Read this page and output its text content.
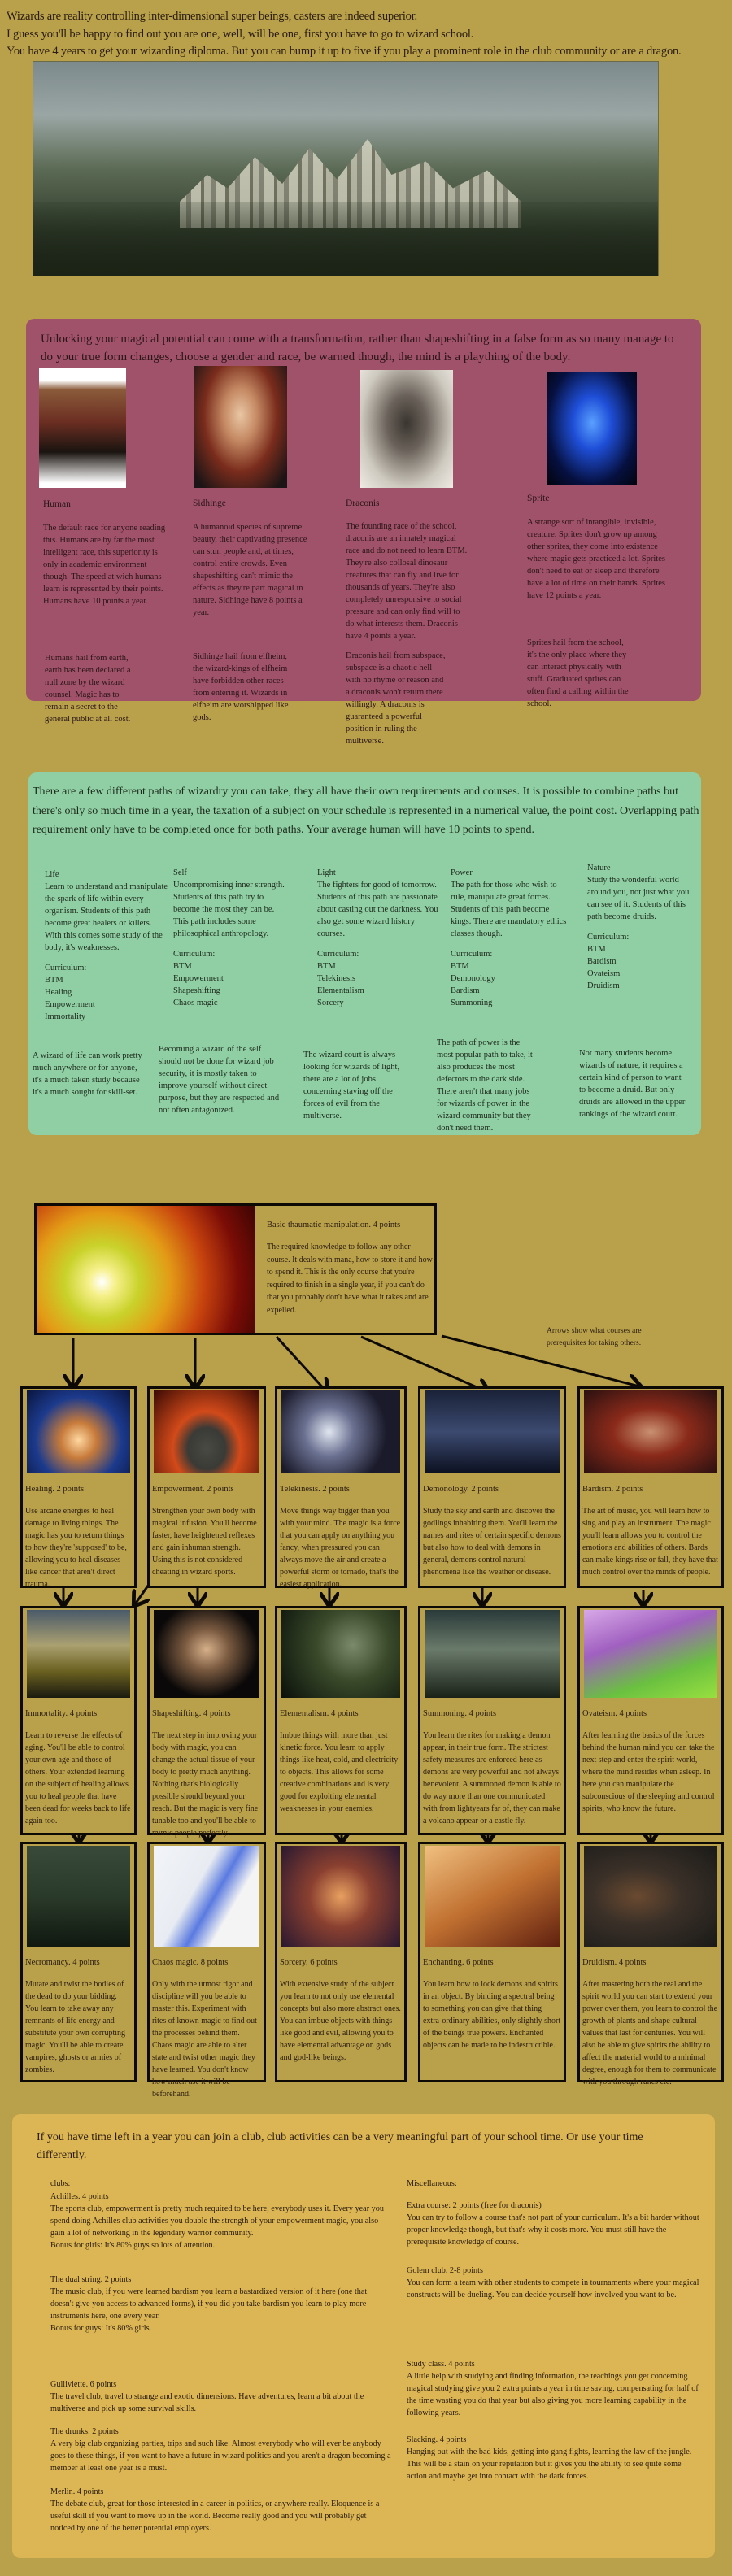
Wizards are reality controlling inter-dimensional super beings, casters are indeed superior.

I guess you'll be happy to find out you are one, well, will be one, first you have to go to wizard school.

You have 4 years to get your wizarding diploma. But you can bump it up to five if you play a prominent role in the club community or are a dragon.

Unlocking your magical potential can come with a transformation, rather than shapeshifting in a false form as so many manage to do your true form changes, choose a gender and race, be warned though, the mind is a plaything of the body.

Human	Sidhinge	Draconis	Sprite

The default race for anyone reading this. Humans are by far the most intelligent race, this superiority is only in academic environment though. The speed at wich humans learn is represented by their points. Humans have 10 points a year.

A humanoid species of supreme beauty, their captivating presence can stun people and, at times, control entire crowds. Even shapeshifting can't mimic the effects as they're part magical in nature. Sidhinge have 8 points a year.

The founding race of the school, draconis are an innately magical race and do not need to learn BTM. They're also collosal dinosaur creatures that can fly and live for thousands of years. They're also completely unresponsive to social pressure and can only find will to do what interests them. Draconis have 4 points a year.

A strange sort of intangible, invisible, creature. Sprites don't grow up among other sprites, they come into existence where magic gets practiced a lot. Sprites don't need to eat or sleep and therefore have a lot of time on their hands. Sprites have 12 points a year.

Humans hail from earth, earth has been declared a null zone by the wizard counsel. Magic has to remain a secret to the general public at all cost.

Sidhinge hail from elfheim, the wizard-kings of elfheim have forbidden other races from entering it. Wizards in elfheim are worshipped like gods.

Draconis hail from subspace, subspace is a chaotic hell with no rhyme or reason and a draconis won't return there willingly. A draconis is guaranteed a powerful position in ruling the multiverse.

Sprites hail from the school, it's the only place where they can interact physically with stuff. Graduated sprites can often find a calling within the school.

There are a few different paths of wizardry you can take, they all have their own requirements and courses. It is possible to combine paths but there's only so much time in a year, the taxation of a subject on your schedule is represented in a numerical value, the point cost. Overlapping path requirement only have to be completed once for both paths. Your average human will have 10 points to spend.

Life
Learn to understand and manipulate the spark of life within every organism. Students of this path become great healers or killers. With this comes some study of the body, it's weaknesses.
Curriculum:
BTM
Healing
Empowerment
Immortality

A wizard of life can work pretty much anywhere or for anyone, it's a much taken study because it's a much sought for skill-set.

Self
Uncompromising inner strength. Students of this path try to become the most they can be. This path includes some philosophical anthropology.
Curriculum:
BTM
Empowerment
Shapeshifting
Chaos magic

Becoming a wizard of the self should not be done for wizard job security, it is mostly taken to improve yourself without direct purpose, but they are respected and not often antagonized.

Light
The fighters for good of tomorrow. Students of this path are passionate about casting out the darkness. You also get some wizard history courses.
Curriculum:
BTM
Telekinesis
Elementalism
Sorcery

The wizard court is always looking for wizards of light, there are a lot of jobs concerning staving off the forces of evil from the multiverse.

Power
The path for those who wish to rule, manipulate great forces. Students of this path become kings. There are mandatory ethics classes though.
Curriculum:
BTM
Demonology
Bardism
Summoning

The path of power is the most popular path to take, it also produces the most defectors to the dark side. There aren't that many jobs for wizards of power in the wizard community but they don't need them.

Nature
Study the wonderful world around you, not just what you can see of it. Students of this path become druids.
Curriculum:
BTM
Bardism
Ovateism
Druidism

Not many students become wizards of nature, it requires a certain kind of person to want to become a druid. But only druids are allowed in the upper rankings of the wizard court.

Basic thaumatic manipulation. 4 points

The required knowledge to follow any other course. It deals with mana, how to store it and how to spend it. This is the only course that you're required to finish in a single year, if you can't do that you probably don't have what it takes and are expelled.

Arrows show what courses are prerequisites for taking others.

Healing. 2 points

Use arcane energies to heal damage to living things. The magic has you to return things to how they're 'supposed' to be, allowing you to heal diseases like cancer that aren't direct trauma.

Empowerment. 2 points

Strengthen your own body with magical infusion. You'll become faster, have heightened reflexes and gain inhuman strength. Using this is not considered cheating in wizard sports.

Telekinesis. 2 points

Move things way bigger than you with your mind. The magic is a force that you can apply on anything you fancy, when pressured you can always move the air and create a powerful storm or tornado, that's the easiest application.

Demonology. 2 points

Study the sky and earth and discover the godlings inhabiting them. You'll learn the names and rites of certain specific demons but also how to deal with demons in general, demons control natural phenomena like the weather or disease.

Bardism. 2 points

The art of music, you will learn how to sing and play an instrument. The magic you'll learn allows you to control the emotions and abilities of others. Bards can make kings rise or fall, they have that much control over the minds of people.

Immortality. 4 points

Learn to reverse the effects of aging. You'll be able to control your own age and those of others. Your extended learning on the subject of healing allows you to heal people that have been dead for weeks back to life again too.

Shapeshifting. 4 points

The next step in improving your body with magic, you can change the actual tissue of your body to pretty much anything. Nothing that's biologically possible should beyond your reach. But the magic is very fine tunable too and you'll be able to mimic people perfectly.

Elementalism. 4 points

Imbue things with more than just kinetic force. You learn to apply things like heat, cold, and electricity to objects. This allows for some creative combinations and is very good for exploiting elemental weaknesses in your enemies.

Summoning. 4 points

You learn the rites for making a demon appear, in their true form. The strictest safety measures are enforced here as demons are very powerful and not always benevolent. A summoned demon is able to do way more than one communicated with from lightyears far of, they can make a volcano appear or a castle fly.

Ovateism. 4 points

After learning the basics of the forces behind the human mind you can take the next step and enter the spirit world, where the mind resides when asleep. In here you can manipulate the subconscious of the sleeping and control spirits, who know the future.

Necromancy. 4 points

Mutate and twist the bodies of the dead to do your bidding. You learn to take away any remnants of life energy and substitute your own corrupting magic. You'll be able to create vampires, ghosts or armies of zombies.

Chaos magic. 8 points

Only with the utmost rigor and discipline will you be able to master this. Experiment with rites of known magic to find out the processes behind them. Chaos magic are able to alter state and twist other magic they have learned. You don't know how much use it will be beforehand.

Sorcery. 6 points

With extensive study of the subject you learn to not only use elemental concepts but also more abstract ones. You can imbue objects with things like good and evil, allowing you to have elemental advantage on gods and god-like beings.

Enchanting. 6 points

You learn how to lock demons and spirits in an object. By binding a spectral being to something you can give that thing extra-ordinary abilities, only slightly short of the beings true powers. Enchanted objects can be made to be indestructible.

Druidism. 4 points

After mastering both the real and the spirit world you can start to extend your power over them, you learn to control the growth of plants and shape cultural values that last for centuries. You will also be able to give spirits the ability to affect the material world to a minimal degree, enough for them to communicate with you through runes etc.

If you have time left in a year you can join a club, club activities can be a very meaningful part of your school time. Or use your time differently.

clubs:	Miscellaneous:
Achilles. 4 points
The sports club, empowerment is pretty much required to be here, everybody uses it. Every year you spend doing Achilles club activities you double the strength of your empowerment magic, you also gain a lot of networking in the legendary warrior community.
Bonus for girls: It's 80% guys so lots of attention.
The dual string. 2 points
The music club, if you were learned bardism you learn a bastardized version of it here (one that doesn't give you access to advanced forms), if you did you take bardism you learn to play more instruments here, one every year.
Bonus for guys: It's 80% girls.
Gulliviette. 6 points
The travel club, travel to strange and exotic dimensions. Have adventures, learn a bit about the multiverse and pick up some survival skills.
The drunks. 2 points
A very big club organizing parties, trips and such like. Almost everybody who will ever be anybody goes to these things, if you want to have a future in wizard politics and you aren't a dragon becoming a member at least one year is a must.
Merlin. 4 points
The debate club, great for those interested in a career in politics, or anywhere really. Eloquence is a useful skill if you want to move up in the world. Become really good and you will probably get noticed by one of the better potential employers.
Extra course: 2 points (free for draconis)
You can try to follow a course that's not part of your curriculum. It's a bit harder without proper knowledge though, but that's why it costs more. You must still have the prerequisite knowledge of course.
Golem club. 2-8 points
You can form a team with other students to compete in tournaments where your magical constructs will be dueling. You can decide yourself how involved you want to be.
Study class. 4 points
A little help with studying and finding information, the teachings you get concerning magical studying give you 2 extra points a year in time saving, compensating for half of the time wasting you do that year but also giving you more learning capability in the following years.
Slacking. 4 points
Hanging out with the bad kids, getting into gang fights, learning the law of the jungle. This will be a stain on your reputation but it gives you the ability to see quite some action and maybe get into contact with the dark forces.
